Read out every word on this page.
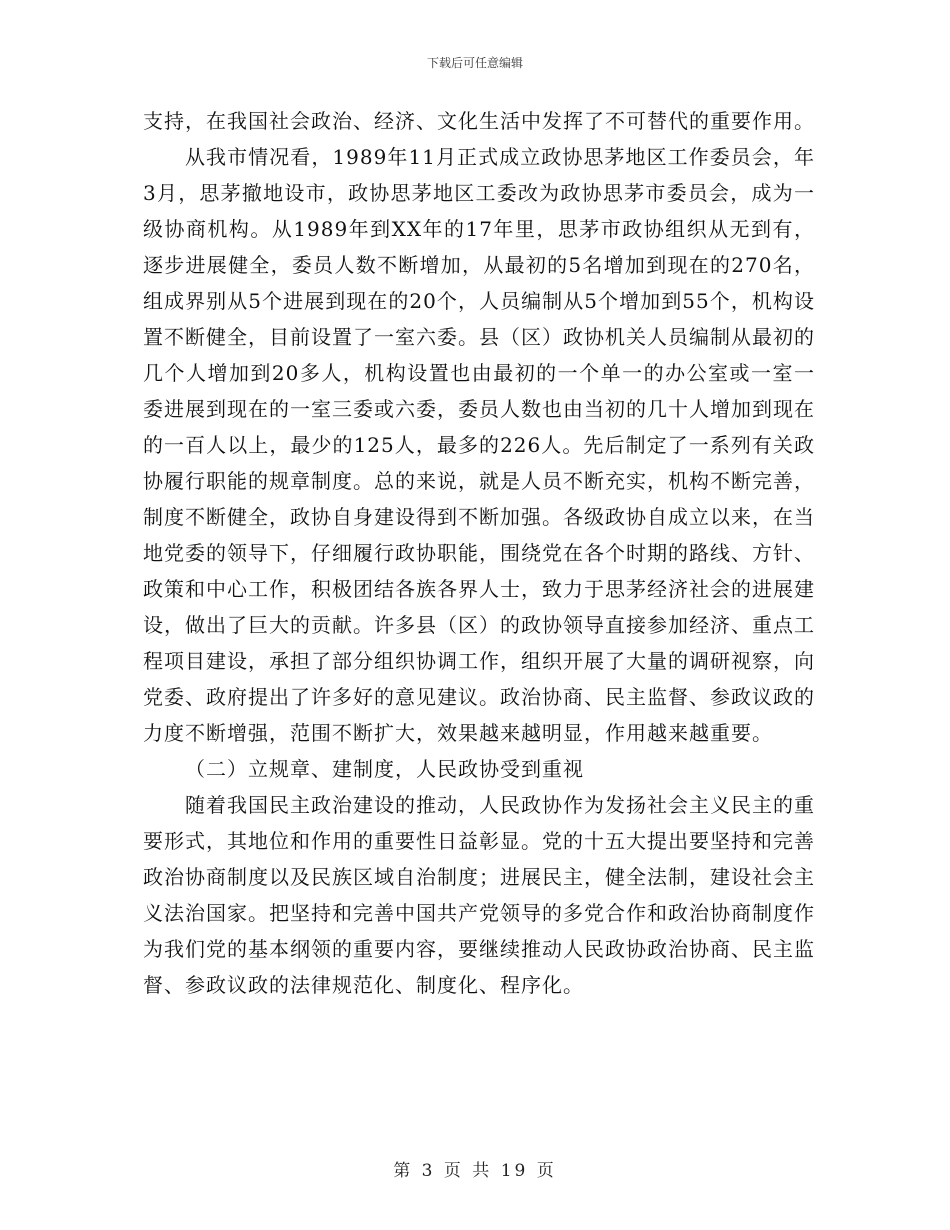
下载后可任意编辑

支持，在我国社会政治、经济、文化生活中发挥了不可替代的重要作用。

从我市情况看，1989年11月正式成立政协思茅地区工作委员会，年3月，思茅撤地设市，政协思茅地区工委改为政协思茅市委员会，成为一级协商机构。从1989年到XX年的17年里，思茅市政协组织从无到有，逐步进展健全，委员人数不断增加，从最初的5名增加到现在的270名，组成界别从5个进展到现在的20个，人员编制从5个增加到55个，机构设置不断健全，目前设置了一室六委。县（区）政协机关人员编制从最初的几个人增加到20多人，机构设置也由最初的一个单一的办公室或一室一委进展到现在的一室三委或六委，委员人数也由当初的几十人增加到现在的一百人以上，最少的125人，最多的226人。先后制定了一系列有关政协履行职能的规章制度。总的来说，就是人员不断充实，机构不断完善，制度不断健全，政协自身建设得到不断加强。各级政协自成立以来，在当地党委的领导下，仔细履行政协职能，围绕党在各个时期的路线、方针、政策和中心工作，积极团结各族各界人士，致力于思茅经济社会的进展建设，做出了巨大的贡献。许多县（区）的政协领导直接参加经济、重点工程项目建设，承担了部分组织协调工作，组织开展了大量的调研视察，向党委、政府提出了许多好的意见建议。政治协商、民主监督、参政议政的力度不断增强，范围不断扩大，效果越来越明显，作用越来越重要。

（二）立规章、建制度，人民政协受到重视

随着我国民主政治建设的推动，人民政协作为发扬社会主义民主的重要形式，其地位和作用的重要性日益彰显。党的十五大提出要坚持和完善政治协商制度以及民族区域自治制度；进展民主，健全法制，建设社会主义法治国家。把坚持和完善中国共产党领导的多党合作和政治协商制度作为我们党的基本纲领的重要内容，要继续推动人民政协政治协商、民主监督、参政议政的法律规范化、制度化、程序化。

第 3 页 共 19 页
